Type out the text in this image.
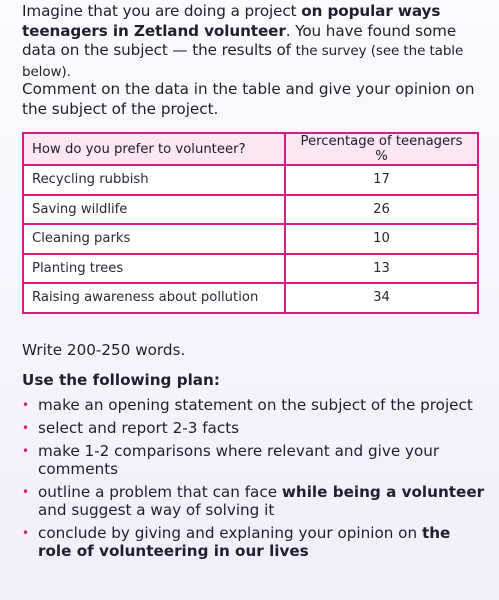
Imagine that you are doing a project on popular ways teenagers in Zetland volunteer. You have found some data on the subject — the results of the survey (see the table below).
Comment on the data in the table and give your opinion on the subject of the project.
How do you prefer to volunteer?	Percentage of teenagers %
Recycling rubbish	17
Saving wildlife	26
Cleaning parks	10
Planting trees	13
Raising awareness about pollution	34
Write 200-250 words.
Use the following plan:
• make an opening statement on the subject of the project
• select and report 2-3 facts
• make 1-2 comparisons where relevant and give your comments
• outline a problem that can face while being a volunteer and suggest a way of solving it
• conclude by giving and explaning your opinion on the role of volunteering in our lives
